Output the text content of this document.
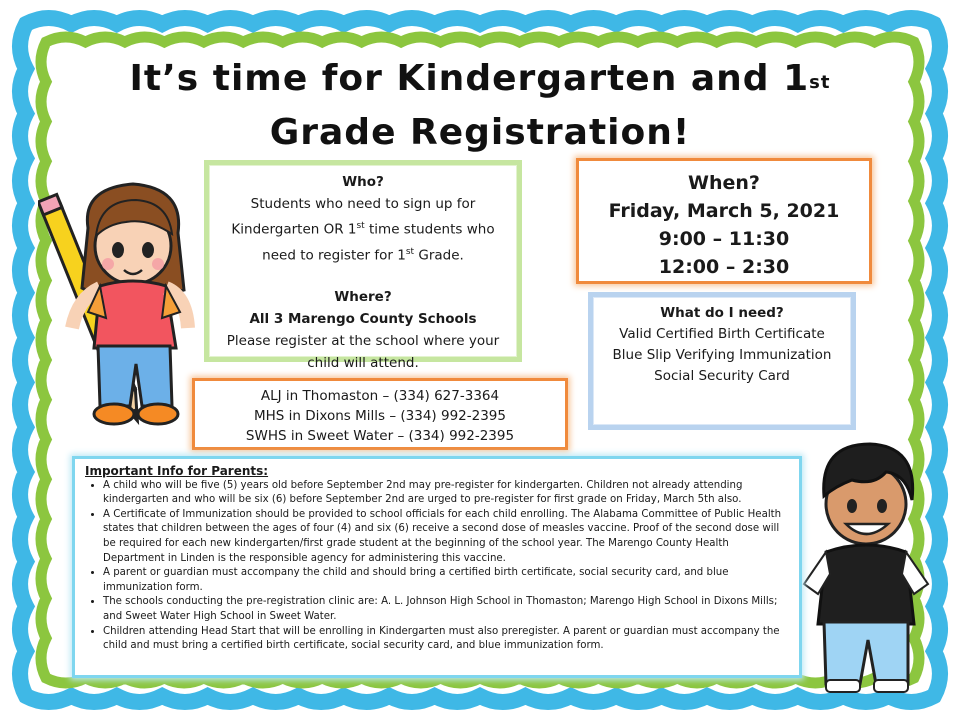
It’s time for Kindergarten and 1st
Grade Registration!
Who?
Students who need to sign up for
Kindergarten OR 1st time students who
need to register for 1st Grade.
Where?
All 3 Marengo County Schools
Please register at the school where your child will attend.
When?
Friday, March 5, 2021
9:00 – 11:30
12:00 – 2:30
What do I need?
Valid Certified Birth Certificate
Blue Slip Verifying Immunization
Social Security Card
ALJ in Thomaston – (334) 627-3364
MHS in Dixons Mills – (334) 992-2395
SWHS in Sweet Water – (334) 992-2395
Important Info for Parents:
• A child who will be five (5) years old before September 2nd may pre-register for kindergarten. Children not already attending kindergarten and who will be six (6) before September 2nd are urged to pre-register for first grade on Friday, March 5th also.
• A Certificate of Immunization should be provided to school officials for each child enrolling. The Alabama Committee of Public Health states that children between the ages of four (4) and six (6) receive a second dose of measles vaccine. Proof of the second dose will be required for each new kindergarten/first grade student at the beginning of the school year. The Marengo County Health Department in Linden is the responsible agency for administering this vaccine.
• A parent or guardian must accompany the child and should bring a certified birth certificate, social security card, and blue immunization form.
• The schools conducting the pre-registration clinic are: A. L. Johnson High School in Thomaston; Marengo High School in Dixons Mills; and Sweet Water High School in Sweet Water.
• Children attending Head Start that will be enrolling in Kindergarten must also preregister. A parent or guardian must accompany the child and must bring a certified birth certificate, social security card, and blue immunization form.
